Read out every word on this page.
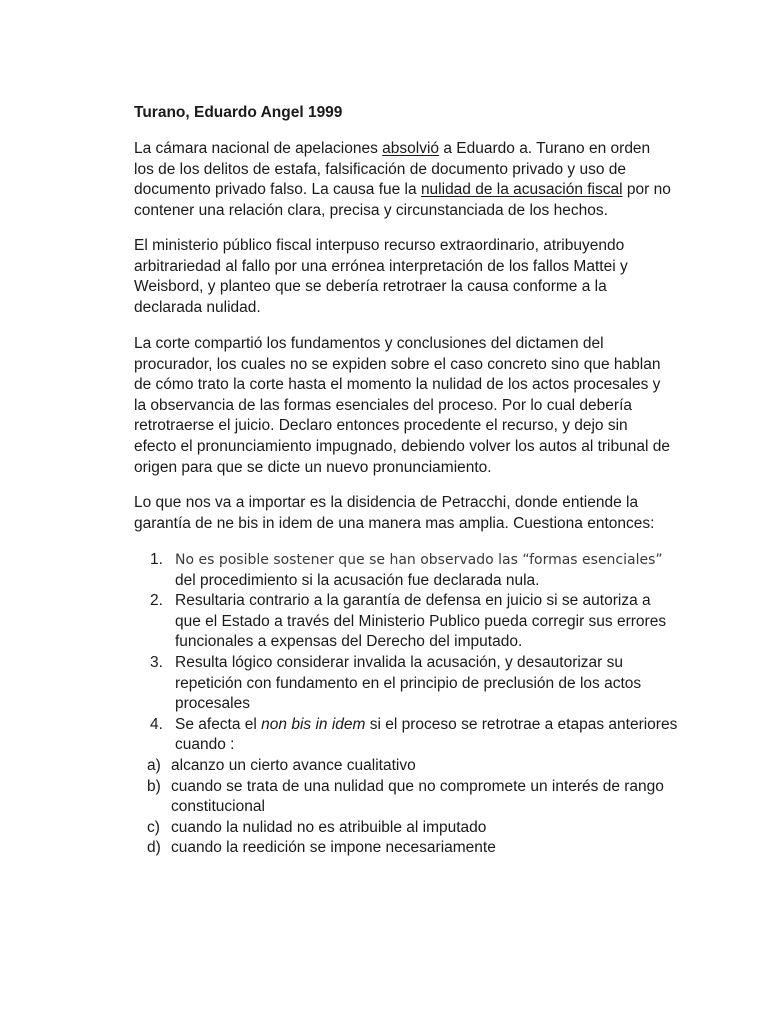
Turano, Eduardo Angel 1999

La cámara nacional de apelaciones absolvió a Eduardo a. Turano en orden los de los delitos de estafa, falsificación de documento privado y uso de documento privado falso. La causa fue la nulidad de la acusación fiscal por no contener una relación clara, precisa y circunstanciada de los hechos.

El ministerio público fiscal interpuso recurso extraordinario, atribuyendo arbitrariedad al fallo por una errónea interpretación de los fallos Mattei y Weisbord, y planteo que se debería retrotraer la causa conforme a la declarada nulidad.

La corte compartió los fundamentos y conclusiones del dictamen del procurador, los cuales no se expiden sobre el caso concreto sino que hablan de cómo trato la corte hasta el momento la nulidad de los actos procesales y la observancia de las formas esenciales del proceso. Por lo cual debería retrotraerse el juicio. Declaro entonces procedente el recurso, y dejo sin efecto el pronunciamiento impugnado, debiendo volver los autos al tribunal de origen para que se dicte un nuevo pronunciamiento.

Lo que nos va a importar es la disidencia de Petracchi, donde entiende la garantía de ne bis in idem de una manera mas amplia. Cuestiona entonces:

1. No es posible sostener que se han observado las “formas esenciales” del procedimiento si la acusación fue declarada nula.
2. Resultaria contrario a la garantía de defensa en juicio si se autoriza a que el Estado a través del Ministerio Publico pueda corregir sus errores funcionales a expensas del Derecho del imputado.
3. Resulta lógico considerar invalida la acusación, y desautorizar su repetición con fundamento en el principio de preclusión de los actos procesales
4. Se afecta el non bis in idem si el proceso se retrotrae a etapas anteriores cuando :
a) alcanzo un cierto avance cualitativo
b) cuando se trata de una nulidad que no compromete un interés de rango constitucional
c) cuando la nulidad no es atribuible al imputado
d) cuando la reedición se impone necesariamente
